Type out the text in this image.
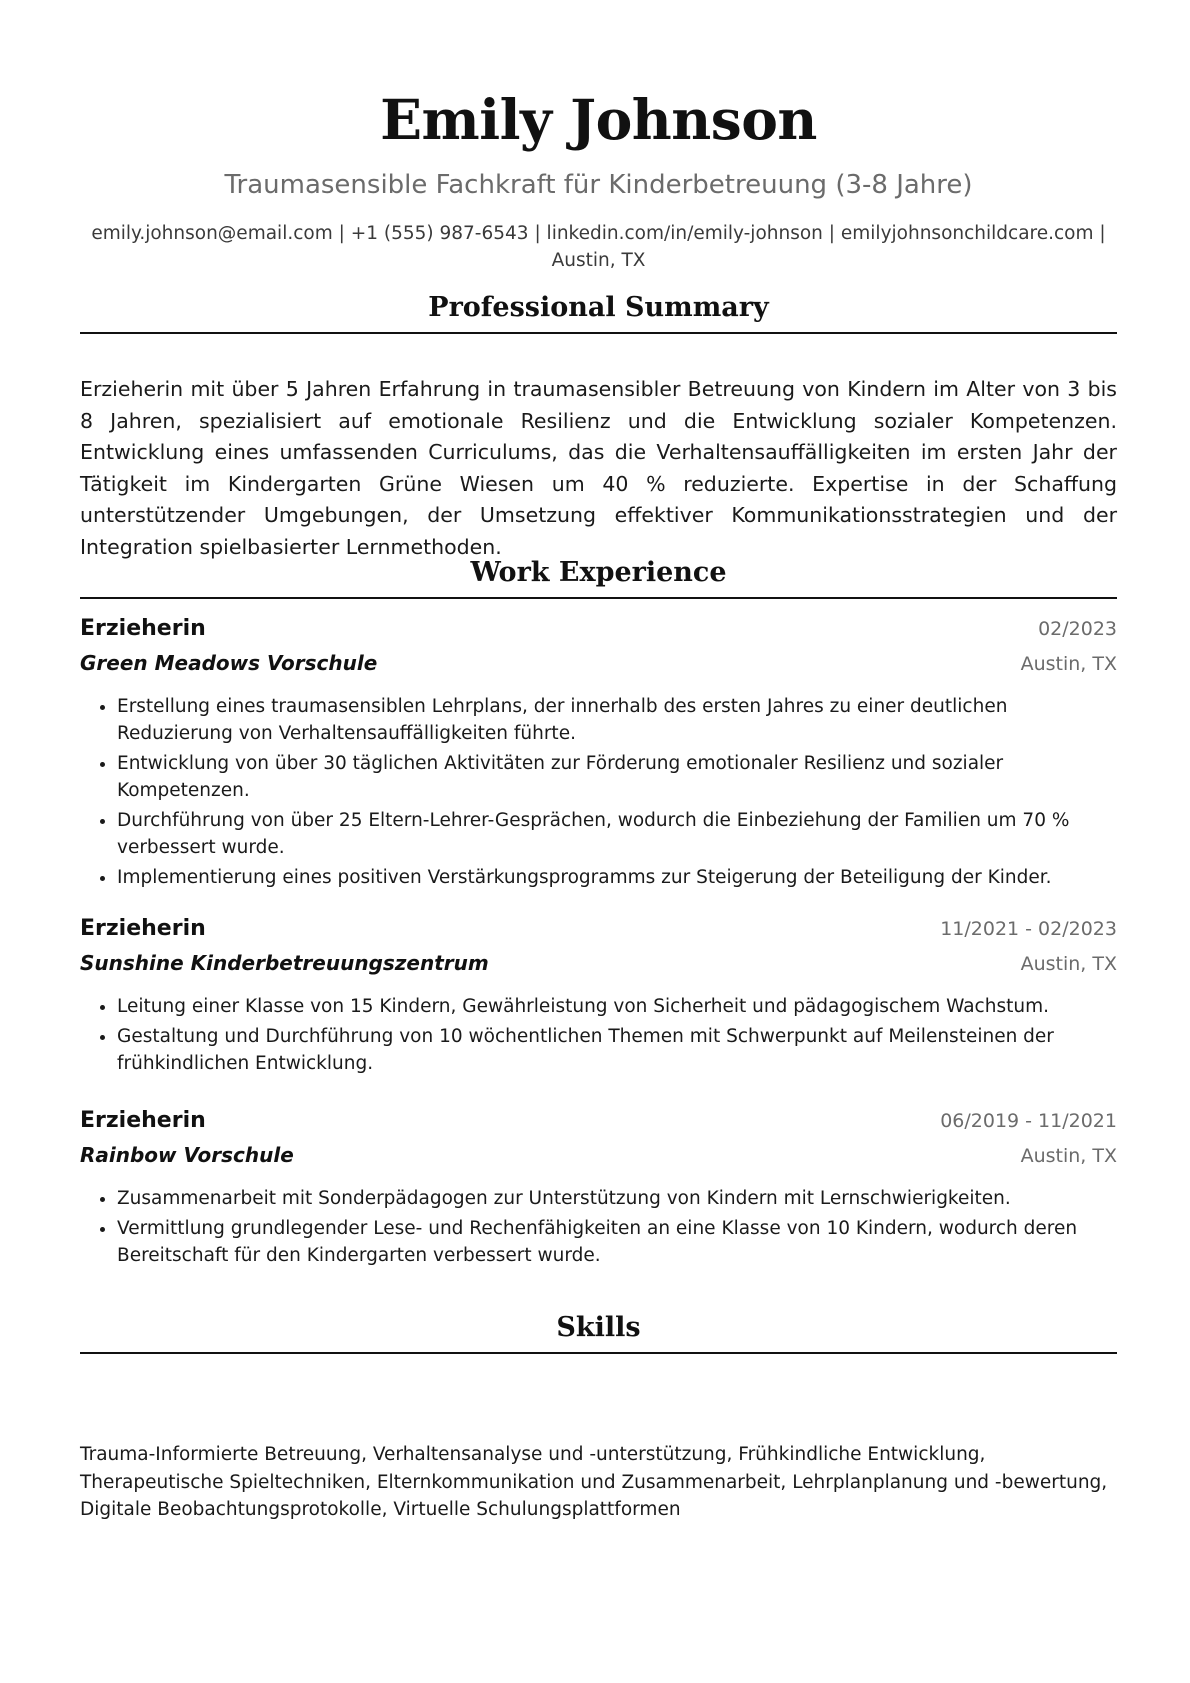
Emily Johnson
Traumasensible Fachkraft für Kinderbetreuung (3-8 Jahre)
emily.johnson@email.com | +1 (555) 987-6543 | linkedin.com/in/emily-johnson | emilyjohnsonchildcare.com | Austin, TX
Professional Summary
Erzieherin mit über 5 Jahren Erfahrung in traumasensibler Betreuung von Kindern im Alter von 3 bis 8 Jahren, spezialisiert auf emotionale Resilienz und die Entwicklung sozialer Kompetenzen. Entwicklung eines umfassenden Curriculums, das die Verhaltensauffälligkeiten im ersten Jahr der Tätigkeit im Kindergarten Grüne Wiesen um 40 % reduzierte. Expertise in der Schaffung unterstützender Umgebungen, der Umsetzung effektiver Kommunikationsstrategien und der Integration spielbasierter Lernmethoden.
Work Experience
Erzieherin	02/2023
Green Meadows Vorschule	Austin, TX
• Erstellung eines traumasensiblen Lehrplans, der innerhalb des ersten Jahres zu einer deutlichen Reduzierung von Verhaltensauffälligkeiten führte.
• Entwicklung von über 30 täglichen Aktivitäten zur Förderung emotionaler Resilienz und sozialer Kompetenzen.
• Durchführung von über 25 Eltern-Lehrer-Gesprächen, wodurch die Einbeziehung der Familien um 70 % verbessert wurde.
• Implementierung eines positiven Verstärkungsprogramms zur Steigerung der Beteiligung der Kinder.
Erzieherin	11/2021 - 02/2023
Sunshine Kinderbetreuungszentrum	Austin, TX
• Leitung einer Klasse von 15 Kindern, Gewährleistung von Sicherheit und pädagogischem Wachstum.
• Gestaltung und Durchführung von 10 wöchentlichen Themen mit Schwerpunkt auf Meilensteinen der frühkindlichen Entwicklung.
Erzieherin	06/2019 - 11/2021
Rainbow Vorschule	Austin, TX
• Zusammenarbeit mit Sonderpädagogen zur Unterstützung von Kindern mit Lernschwierigkeiten.
• Vermittlung grundlegender Lese- und Rechenfähigkeiten an eine Klasse von 10 Kindern, wodurch deren Bereitschaft für den Kindergarten verbessert wurde.
Skills
Trauma-Informierte Betreuung, Verhaltensanalyse und -unterstützung, Frühkindliche Entwicklung, Therapeutische Spieltechniken, Elternkommunikation und Zusammenarbeit, Lehrplanplanung und -bewertung, Digitale Beobachtungsprotokolle, Virtuelle Schulungsplattformen
